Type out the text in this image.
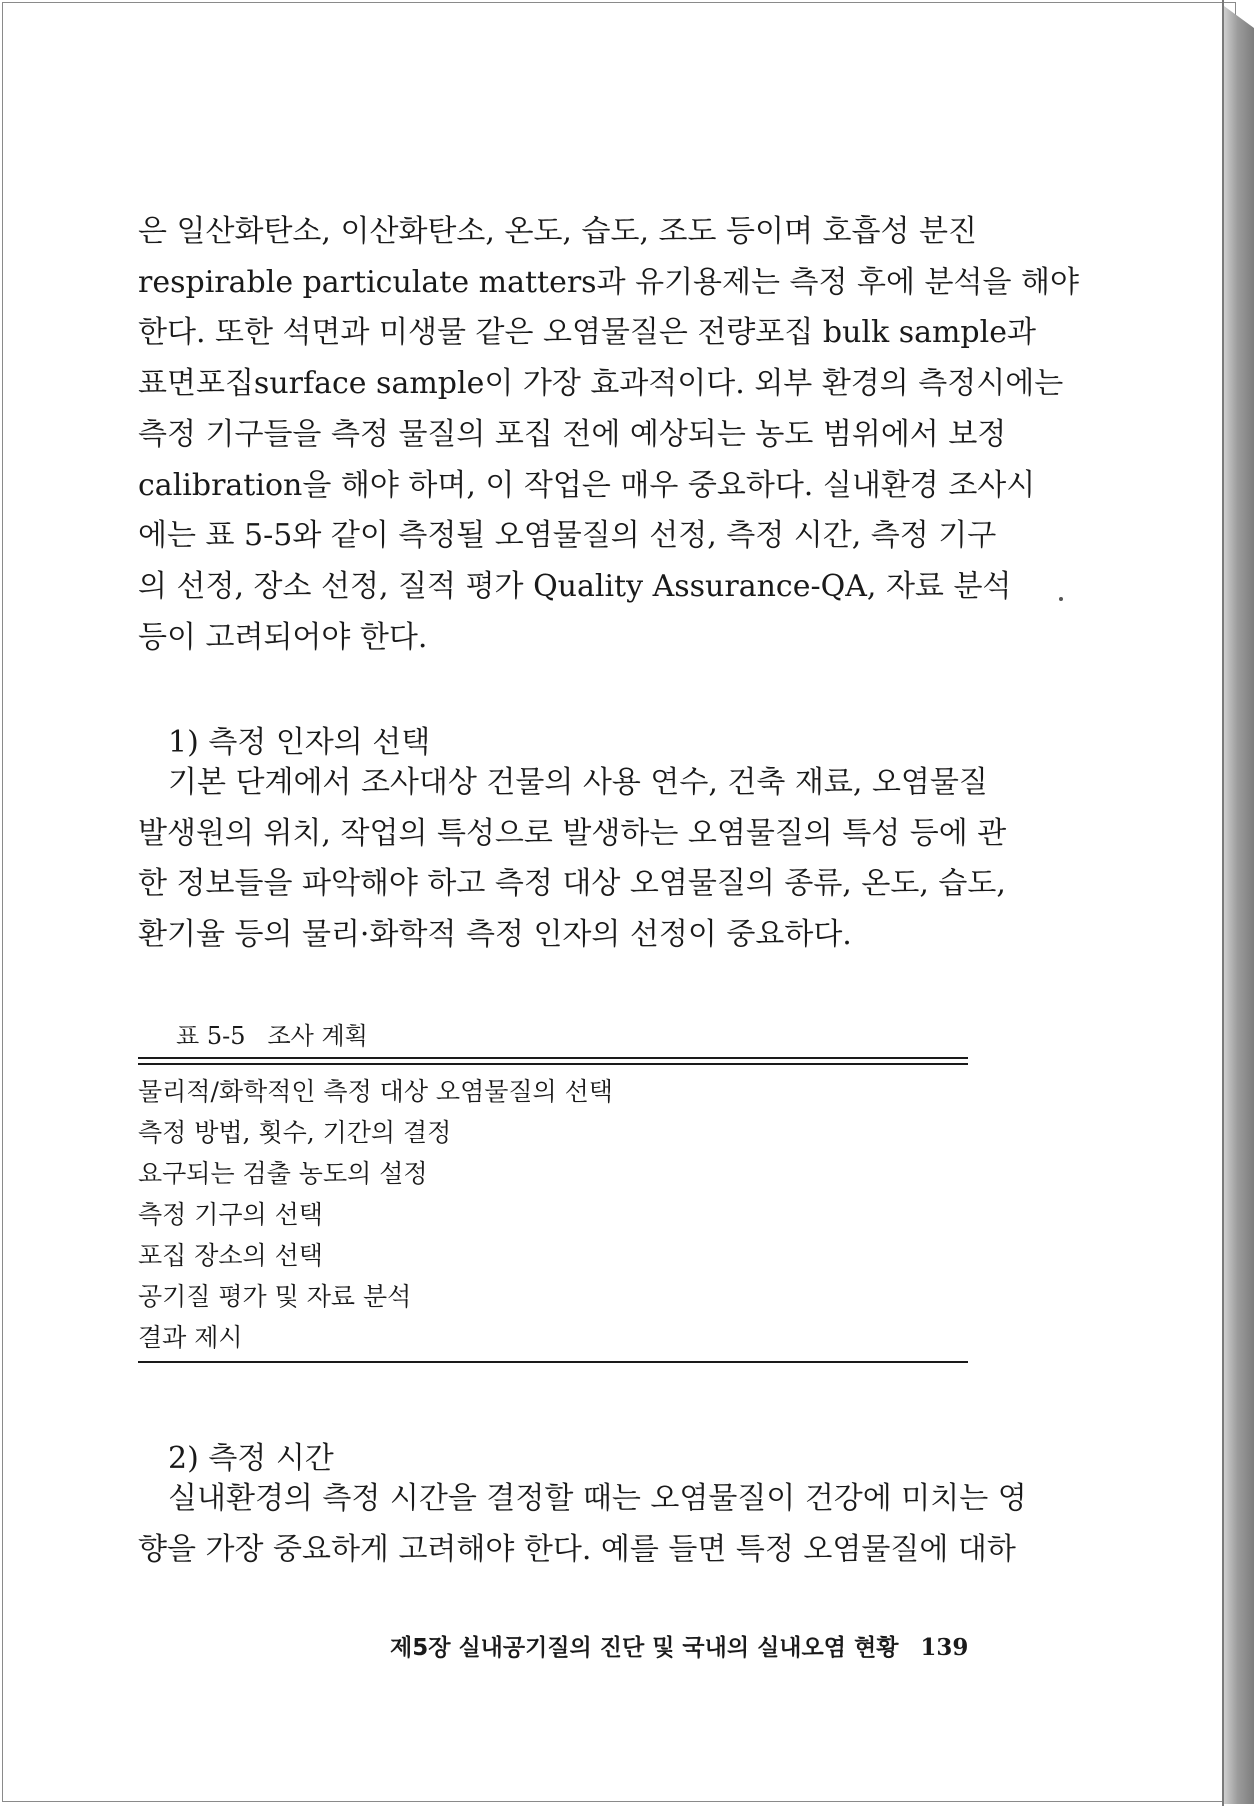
은 일산화탄소, 이산화탄소, 온도, 습도, 조도 등이며 호흡성 분진
respirable particulate matters과 유기용제는 측정 후에 분석을 해야
한다. 또한 석면과 미생물 같은 오염물질은 전량포집 bulk sample과
표면포집surface sample이 가장 효과적이다. 외부 환경의 측정시에는
측정 기구들을 측정 물질의 포집 전에 예상되는 농도 범위에서 보정
calibration을 해야 하며, 이 작업은 매우 중요하다. 실내환경 조사시
에는 표 5-5와 같이 측정될 오염물질의 선정, 측정 시간, 측정 기구
의 선정, 장소 선정, 질적 평가 Quality Assurance-QA, 자료 분석
등이 고려되어야 한다.
1) 측정 인자의 선택
기본 단계에서 조사대상 건물의 사용 연수, 건축 재료, 오염물질
발생원의 위치, 작업의 특성으로 발생하는 오염물질의 특성 등에 관
한 정보들을 파악해야 하고 측정 대상 오염물질의 종류, 온도, 습도,
환기율 등의 물리·화학적 측정 인자의 선정이 중요하다.
표 5-5 조사 계획
물리적/화학적인 측정 대상 오염물질의 선택
측정 방법, 횟수, 기간의 결정
요구되는 검출 농도의 설정
측정 기구의 선택
포집 장소의 선택
공기질 평가 및 자료 분석
결과 제시
2) 측정 시간
실내환경의 측정 시간을 결정할 때는 오염물질이 건강에 미치는 영
향을 가장 중요하게 고려해야 한다. 예를 들면 특정 오염물질에 대하
제5장 실내공기질의 진단 및 국내의 실내오염 현황 139
